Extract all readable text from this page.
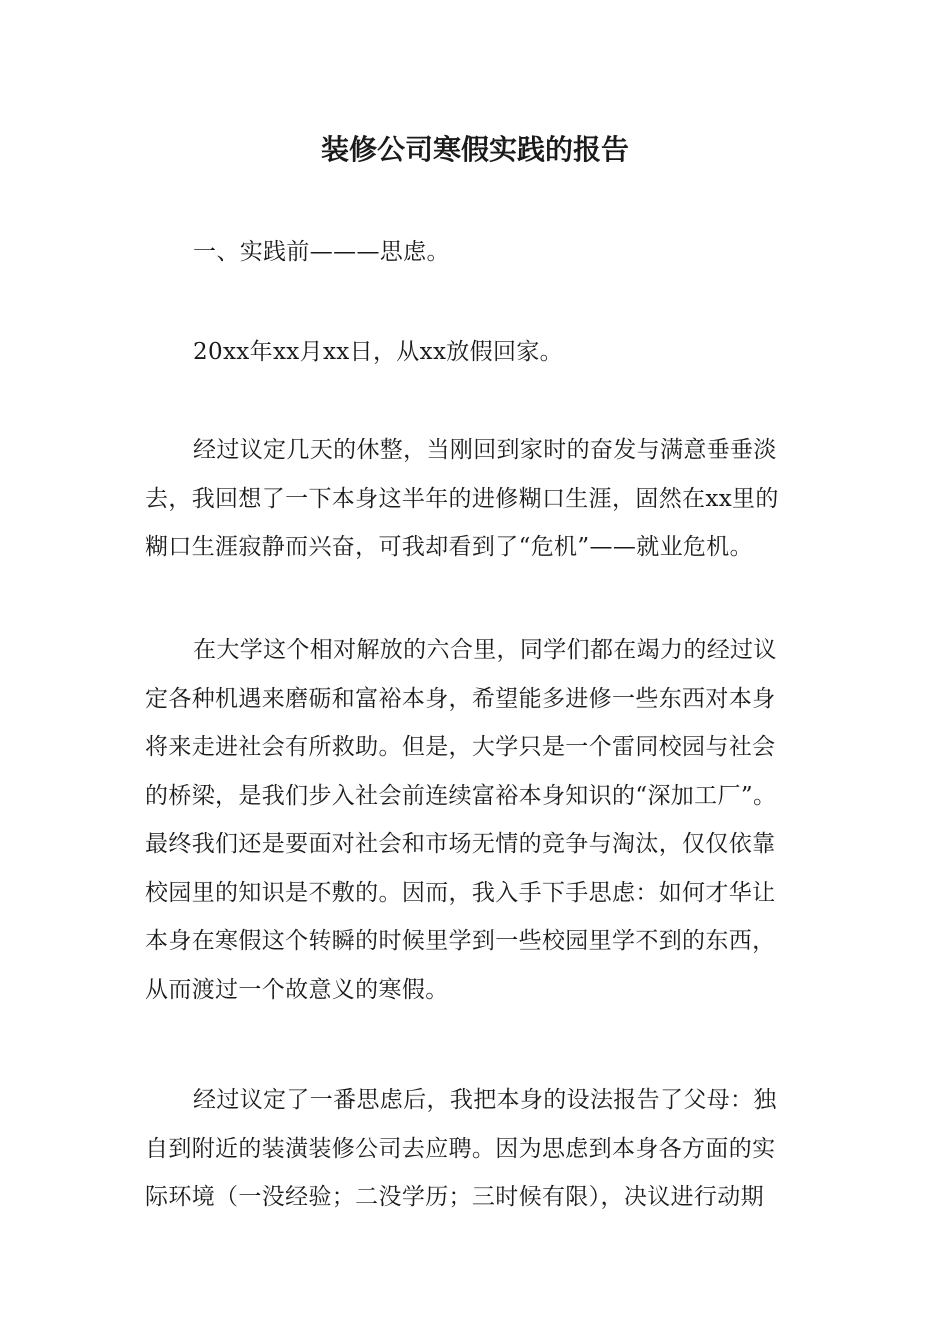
装修公司寒假实践的报告
一、实践前———思虑。
20xx年xx月xx日，从xx放假回家。
经过议定几天的休整，当刚回到家时的奋发与满意垂垂淡
去，我回想了一下本身这半年的进修糊口生涯，固然在xx里的
糊口生涯寂静而兴奋，可我却看到了“危机”——就业危机。
在大学这个相对解放的六合里，同学们都在竭力的经过议
定各种机遇来磨砺和富裕本身，希望能多进修一些东西对本身
将来走进社会有所救助。但是，大学只是一个雷同校园与社会
的桥梁，是我们步入社会前连续富裕本身知识的“深加工厂”。
最终我们还是要面对社会和市场无情的竞争与淘汰，仅仅依靠
校园里的知识是不敷的。因而，我入手下手思虑：如何才华让
本身在寒假这个转瞬的时候里学到一些校园里学不到的东西，
从而渡过一个故意义的寒假。
经过议定了一番思虑后，我把本身的设法报告了父母：独
自到附近的装潢装修公司去应聘。因为思虑到本身各方面的实
际环境（一没经验；二没学历；三时候有限），决议进行动期
